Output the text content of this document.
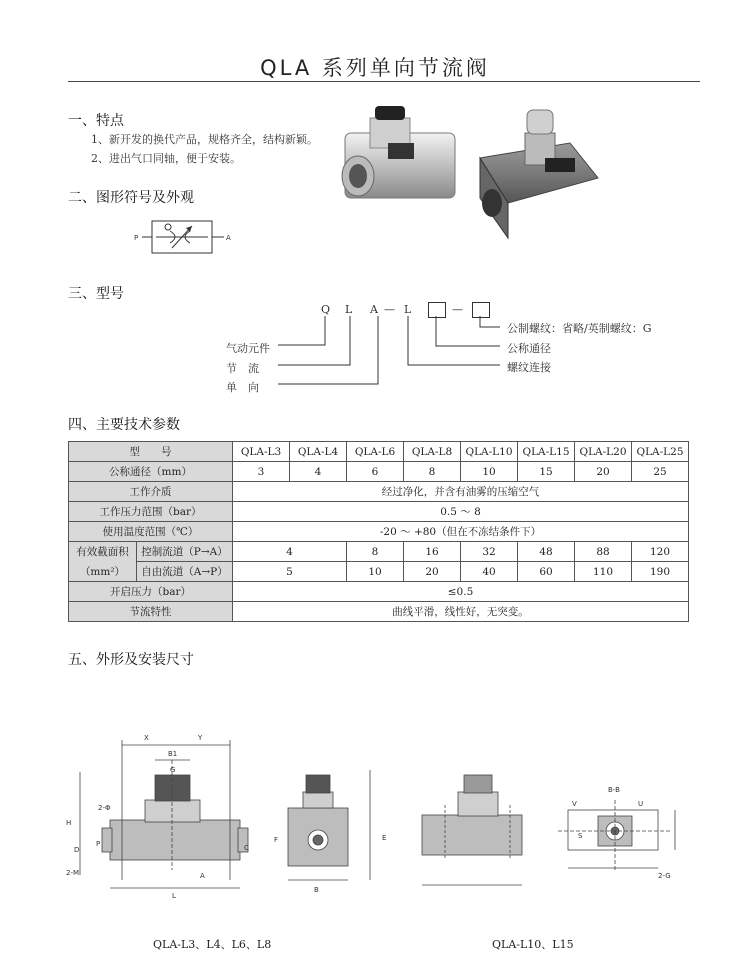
QLA 系列单向节流阀
一、特点
1、新开发的换代产品，规格齐全，结构新颖。
2、进出气口同轴，便于安装。
二、图形符号及外观
P	A
三、型号
Q L A — L	—
气动元件
节　流
单　向
公制螺纹：省略/英制螺纹：G
公称通径
螺纹连接
四、主要技术参数
型　　号		QLA-L3	QLA-L4	QLA-L6	QLA-L8	QLA-L10	QLA-L15	QLA-L20	QLA-L25
公称通径（mm）		3	4	6	8	10	15	20	25
工作介质		经过净化，并含有油雾的压缩空气							
工作压力范围（bar）		0.5 ～ 8							
使用温度范围（℃）		-20 ～ +80（但在不冻结条件下）							
有效截面积	控制流道（P→A）	4		8	16	32	48	88	120
（mm²）	自由流道（A→P）	5		10	20	40	60	110	190
开启压力（bar）		≤0.5							
节流特性		曲线平滑，线性好，无突变。							
五、外形及安装尺寸
X	Y
B1
G
H
2-Φ
D
P
2-M	A
C
L
F
B
E
B-B
U
V
S
2-G
QLA-L3、L4、L6、L8	QLA-L10、L15
